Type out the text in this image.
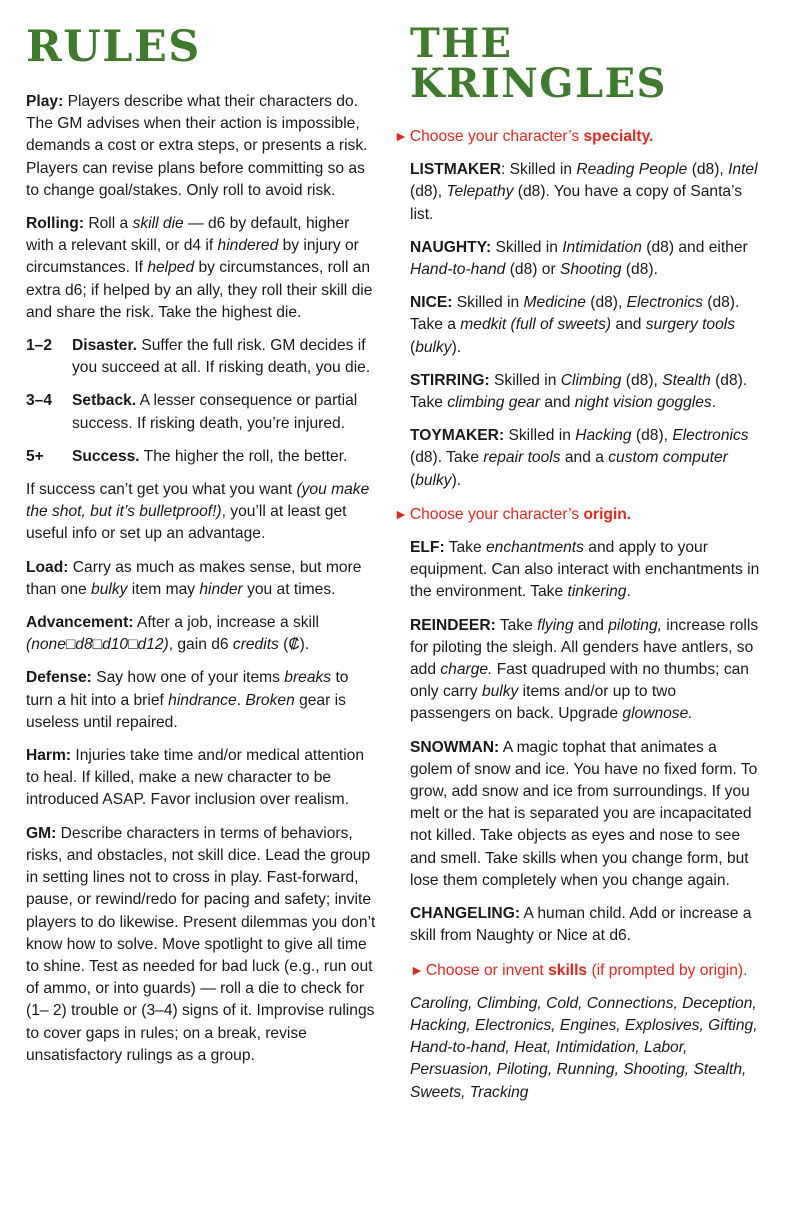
RULES

Play: Players describe what their characters do. The GM advises when their action is impossible, demands a cost or extra steps, or presents a risk. Players can revise plans before committing so as to change goal/stakes. Only roll to avoid risk.

Rolling: Roll a skill die — d6 by default, higher with a relevant skill, or d4 if hindered by injury or circumstances. If helped by circumstances, roll an extra d6; if helped by an ally, they roll their skill die and share the risk. Take the highest die.

1–2	Disaster. Suffer the full risk. GM decides if you succeed at all. If risking death, you die.
3–4	Setback. A lesser consequence or partial success. If risking death, you’re injured.
5+	Success. The higher the roll, the better.

If success can’t get you what you want (you make the shot, but it’s bulletproof!), you’ll at least get useful info or set up an advantage.

Load: Carry as much as makes sense, but more than one bulky item may hinder you at times.

Advancement: After a job, increase a skill (none□d8□d10□d12), gain d6 credits (₡).

Defense: Say how one of your items breaks to turn a hit into a brief hindrance. Broken gear is useless until repaired.

Harm: Injuries take time and/or medical attention to heal. If killed, make a new character to be introduced ASAP. Favor inclusion over realism.

GM: Describe characters in terms of behaviors, risks, and obstacles, not skill dice. Lead the group in setting lines not to cross in play. Fast-forward, pause, or rewind/redo for pacing and safety; invite players to do likewise. Present dilemmas you don’t know how to solve. Move spotlight to give all time to shine. Test as needed for bad luck (e.g., run out of ammo, or into guards) — roll a die to check for (1– 2) trouble or (3–4) signs of it. Improvise rulings to cover gaps in rules; on a break, revise unsatisfactory rulings as a group.

THE KRINGLES

► Choose your character’s specialty.

LISTMAKER: Skilled in Reading People (d8), Intel (d8), Telepathy (d8). You have a copy of Santa’s list.

NAUGHTY: Skilled in Intimidation (d8) and either Hand-to-hand (d8) or Shooting (d8).

NICE: Skilled in Medicine (d8), Electronics (d8). Take a medkit (full of sweets) and surgery tools (bulky).

STIRRING: Skilled in Climbing (d8), Stealth (d8). Take climbing gear and night vision goggles.

TOYMAKER: Skilled in Hacking (d8), Electronics (d8). Take repair tools and a custom computer (bulky).

► Choose your character’s origin.

ELF: Take enchantments and apply to your equipment. Can also interact with enchantments in the environment. Take tinkering.

REINDEER: Take flying and piloting, increase rolls for piloting the sleigh. All genders have antlers, so add charge. Fast quadruped with no thumbs; can only carry bulky items and/or up to two passengers on back. Upgrade glownose.

SNOWMAN: A magic tophat that animates a golem of snow and ice. You have no fixed form. To grow, add snow and ice from surroundings. If you melt or the hat is separated you are incapacitated not killed. Take objects as eyes and nose to see and smell. Take skills when you change form, but lose them completely when you change again.

CHANGELING: A human child. Add or increase a skill from Naughty or Nice at d6.

► Choose or invent skills (if prompted by origin).

Caroling, Climbing, Cold, Connections, Deception, Hacking, Electronics, Engines, Explosives, Gifting, Hand-to-hand, Heat, Intimidation, Labor, Persuasion, Piloting, Running, Shooting, Stealth, Sweets, Tracking
